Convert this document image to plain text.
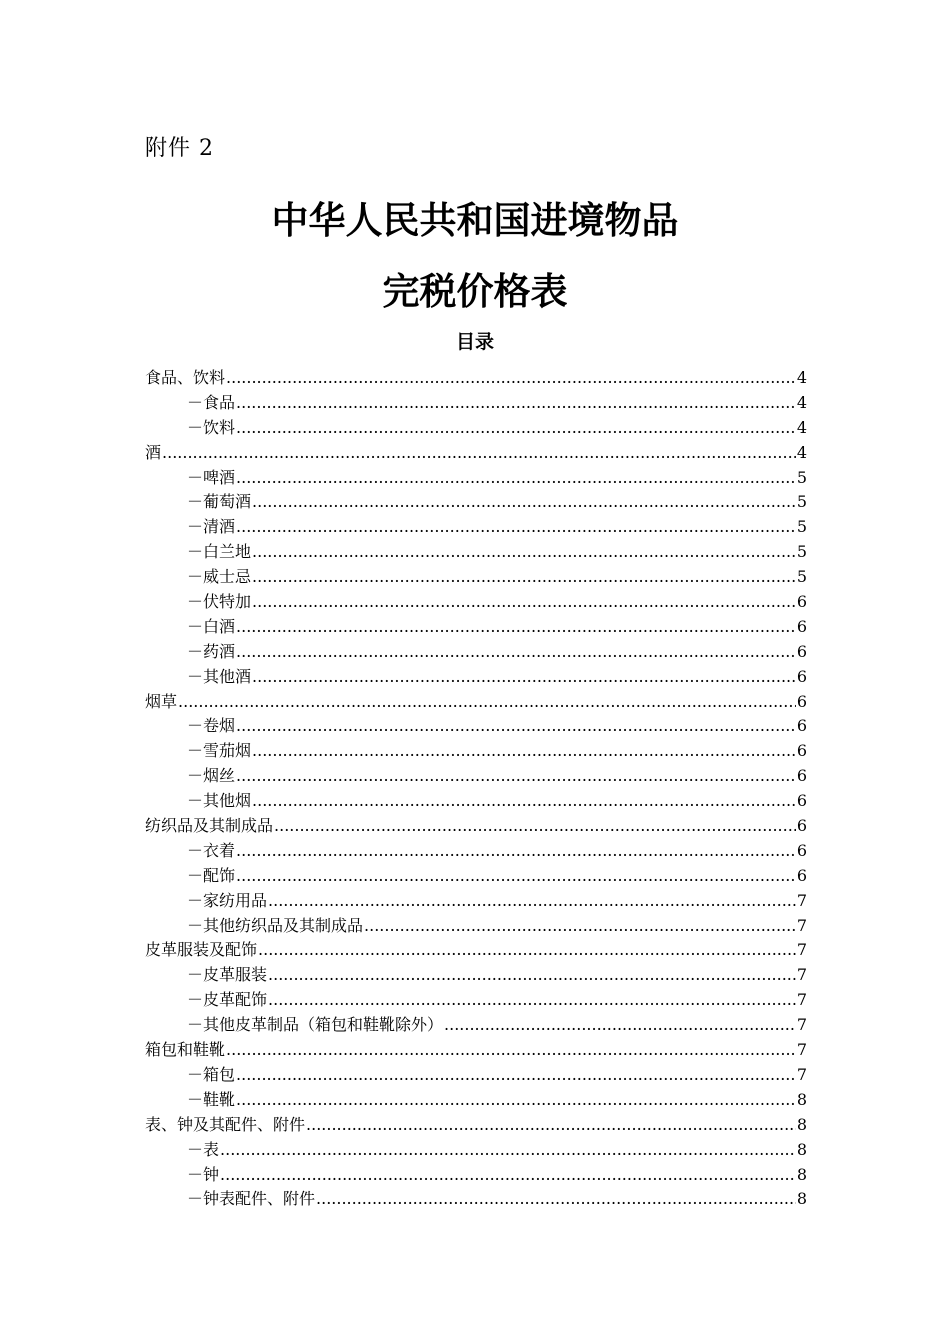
附件 2
中华人民共和国进境物品
完税价格表
目录
食品、饮料 .....	4
－食品 .....	4
－饮料 .....	4
酒 .....	4
－啤酒 .....	5
－葡萄酒 .....	5
－清酒 .....	5
－白兰地 .....	5
－威士忌 .....	5
－伏特加 .....	6
－白酒 .....	6
－药酒 .....	6
－其他酒 .....	6
烟草 .....	6
－卷烟 .....	6
－雪茄烟 .....	6
－烟丝 .....	6
－其他烟 .....	6
纺织品及其制成品 .....	6
－衣着 .....	6
－配饰 .....	6
－家纺用品 .....	7
－其他纺织品及其制成品 .....	7
皮革服装及配饰 .....	7
－皮革服装 .....	7
－皮革配饰 .....	7
－其他皮革制品（箱包和鞋靴除外） .....	7
箱包和鞋靴 .....	7
－箱包 .....	7
－鞋靴 .....	8
表、钟及其配件、附件 .....	8
－表 .....	8
－钟 .....	8
－钟表配件、附件 .....	8
